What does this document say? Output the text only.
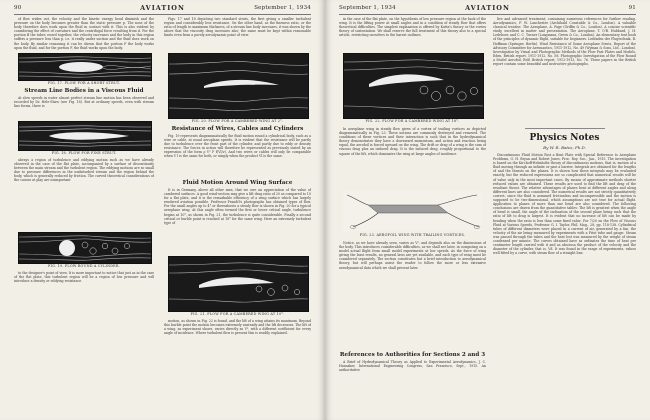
90	AVIATION	September 1, 1934

of flow widen out, the velocity and the kinetic energy head diminish and the pressure on the body becomes greater than the static pressure p. The nose of the body therefore does work upon the fluid in contact with it. This is also evident by considering the effect of curvature and the centrifugal force resulting from it. For the portion B the tubes crowd together, the velocity increases and the body in this region suffers a pressure less than p, i.e. it really under suction and the fluid does work on the body. By similar reasoning it can be shown that the portion F the body works upon the fluid, and for the portion F, the fluid works upon the body.

FIG. 17. FLOW FOR A SHORT STRUT.
Stream Line Bodies in a Viscous Fluid

At slow speeds in water almost perfect stream line motion has been observed and recorded by Dr. Hele-Shaw (see Fig. 18). But at ordinary speeds, even with stream line forms, there is

FIG. 18. FLOW FOR FINE STRUT.

always a region of turbulence and eddying motion such as we have already observed in the case of the flat plate, accompanied by a surface of discontinuity between the main stream and the turbulent region. The eddying motions are so small due to pressure differences in the undisturbed stream and the region behind the body, which is generally reduced by friction. The curved theoretical considerations of the causes at play are unimportant

FIG. 19. FLOW ROUND A CYLINDER.

to the designer's point of view. It is more important to notice that just as in the case of the flat plate, this turbulent region will be a region of low pressure and will introduce a density or eddying resistance.

Figs. 17 and 18 depicting two standard struts, the first giving a smaller turbulent region and considerably less resistance. On the other hand, as the fineness ratio, or the ratio of length to maximum thickness, of a stream line body increases, it was shown by the above that the viscosity drag increases also; the same must be kept within reasonable limits even from a purely aerodynamic point of view.

FIG. 20. FLOW FOR A CAMBERED WING AT 2°.
Resistance of Wires, Cables and Cylinders

Fig. 19 represents diagrammatically the fluid motion round a cylindrical body, such as a wire or cable, at usual aeroplane speeds. It is evident that the resistance will be partly due to turbulence over the front part of the cylinder, and partly due to eddy or density resistance. The forces in action will therefore be represented as previously stated by an expression of the form ρ V² l² f(Vl/ν). And two wires or cables will only be comparable when V l is the same for both, or simply when the product Vl is the same.

Fluid Motion Around Wing Surface

It is in Germany, above all other men, that we owe an appreciation of the value of cambered surfaces. A good wind-section may give a lift drag ratio of 20 as compared to 10 for a flat plate, and it is the remarkable efficiency of a wing surface which has largely rendered aviation possible. Professor Prandtl's photographs has obtained types of flow. For the small angles up to 4° or thereabouts a steady flow is shown in Fig. 20 for a typical aeroplane wing. At this angle often termed the first or lower critical angle, turbulence begins at 10°, as shown in Fig. 21, the turbulence is quite considerable. Finally a second critical or burble point is reached at 18° for the same wing. Here an extremely turbulent type of

FIG. 21. FLOW FOR A CAMBERED WING AT 10°.

motion, as shown in Fig. 22 is found, and the lift of a wing attains its maximum. Beyond this burble point the motion becomes extremely unsteady and the lift decreases. The lift of a wing, as experiment shows, varies directly as V², with a different coefficient for every angle of incidence. Where turbulent flow is present this is readily explained.

September 1, 1934	AVIATION	91

in the case of the flat plate, on the hypothesis of low pressure region at the back of the wing. It is the lifting power at small angles and in a condition of steady flow that offers theoretical difficulties. The simplest explanation is offered by Kutta's theory or the vortex theory of sustentation. We shall reserve the full treatment of this theory also to a special article, restricting ourselves to the barest outlines.

FIG. 22. FLOW FOR A CAMBERED WING AT 18°.

In aeroplane wing in steady flow given of a vortex of trailing vortices as depicted diagrammatically in Fig. 23. These notions are commonly destroyed and removed. The conditions of these vortices and their interaction is such that in the hydrodynamical theory demonstrates they have a downward momentum, and action and reaction being equal, the aerofoil is forced upward on the wing. The drift or drag of a wing is the sum of viscous drag plus an induced drag. It is the induced drag, roughly proportional to the square of the lift, which dominates the wing at large angles of incidence.

FIG. 23. AEROFOIL WING WITH TRAILING VORTICES.

Notice, as we have already seen, varies as V², and depends also on the dimensions of the body. This introduces considerable difficulties, as we shall see later, in computing on a model actual flight from small model experiments at low speeds. As the force of wing giving the least results, no general laws are yet available, and each type of wing must be considered separately. The section constitutes but a brief introduction to aerodynamical theory, but will perhaps assist the reader to follow the more or less extensive aerodynamical data which we shall present later.

References to Authorities for Sections 2 and 3

A Brief of Hydrodynamical Theory as Applied to Experimental Aerodynamics, J. C. Hunsaker, International Engineering Congress, San Francisco, Sept., 1915. An authoritative

live and advanced treatment; containing numerous references for further reading. Aerodynamics, F. W. Lanchester (Archibald Constable & Co., London). A valuable classical treatise. The Aeroplane, A. Fage (Griffin & Co., London). A concise scientific study, excellent in matter and presentation. The Aeroplane, T. O'B. Hubbard, J. H. Ledeboer, and C. C. Turner (Longmans, Green & Co., London). An elementary text book of the principles of dynamic flight, suitable for beginners. Leitfaden der Flugtechnik, R. Hoffman (Springer, Berlin). Wind Resistance of Some Aeroplane Struts, Report of the Advisory Committee for Aeronautics, 1911-1912, No. 49 (Wyman & Sons, Ltd., London). Investigation by Visual and Photographic Methods of the Flow Past Plates and Models, Eden, British report, 1911-1912, No. 58. Photographic Investigation of the Flow Round a Model Aerofoil, Relf, British report, 1912-1913, No. 76. These papers in the British report contain some beautiful and instructive photographs.

Physics Notes
By W. R. Bates, Ph.D.

Discontinuous Fluid Motion Past a Bent Plate with Special Reference to Aeroplane Problems, G. H. Bryan and Robert Jones, Proc. Roy. Soc., Jan., 1915. The investigation is based on the Kirchoff-Helmholtz theory of discontinuous motions, that is, motion of a fluid moving through an infinite or past a barrier. Integrals are obtained for the lengths of and the thrusts on the planes. It is shown how these integrals may be evaluated exactly, but the reduced expressions are so complicated that numerical results will be of value only in the most important cases. By means of approximate methods shorter reduced values are obtained. These results are used to find the lift and drag of the resultant thrust. The relative advantages of planes bent at different angles and along different lines are also considered. The numerical results are not strictly quantitatively correct, since the fluid is assumed frictionless and incompressible and the motion is supposed to be two-dimensional, which assumptions are not true for actual flight. Application to planes of more than one bend are also considered. The following conclusions are drawn from the quantitative tables: The lift is greatest when the angle of bend is small, the angle of the inclination of the second plane being such that the ratio of lift to drag is largest. It is evident that no increase of lift can be made by bending when the ratio is less than some fixed value. For 7/20 on the Flow of Viscous Fluid at Various Speeds, Professor G. I. Taylor, Phil. Mag., 28, pp. 118-138. Cylindrical tubes of different diameters were placed in a current of air, generated by a fan, the velocity of the air being measured by experiments with a Pitot tube and gauge. Steam was passed through the tubes and the heat lost was measured by the weight of steam condensed per minute. The curves obtained have as ordinates the time of heat per centimeter length carried with it and as abscissa the product of the velocity and the diameter of the cylinder, that is, Vd. It was found in the range of experiments, values well fitted by a curve, with steam flow of a straight line.
